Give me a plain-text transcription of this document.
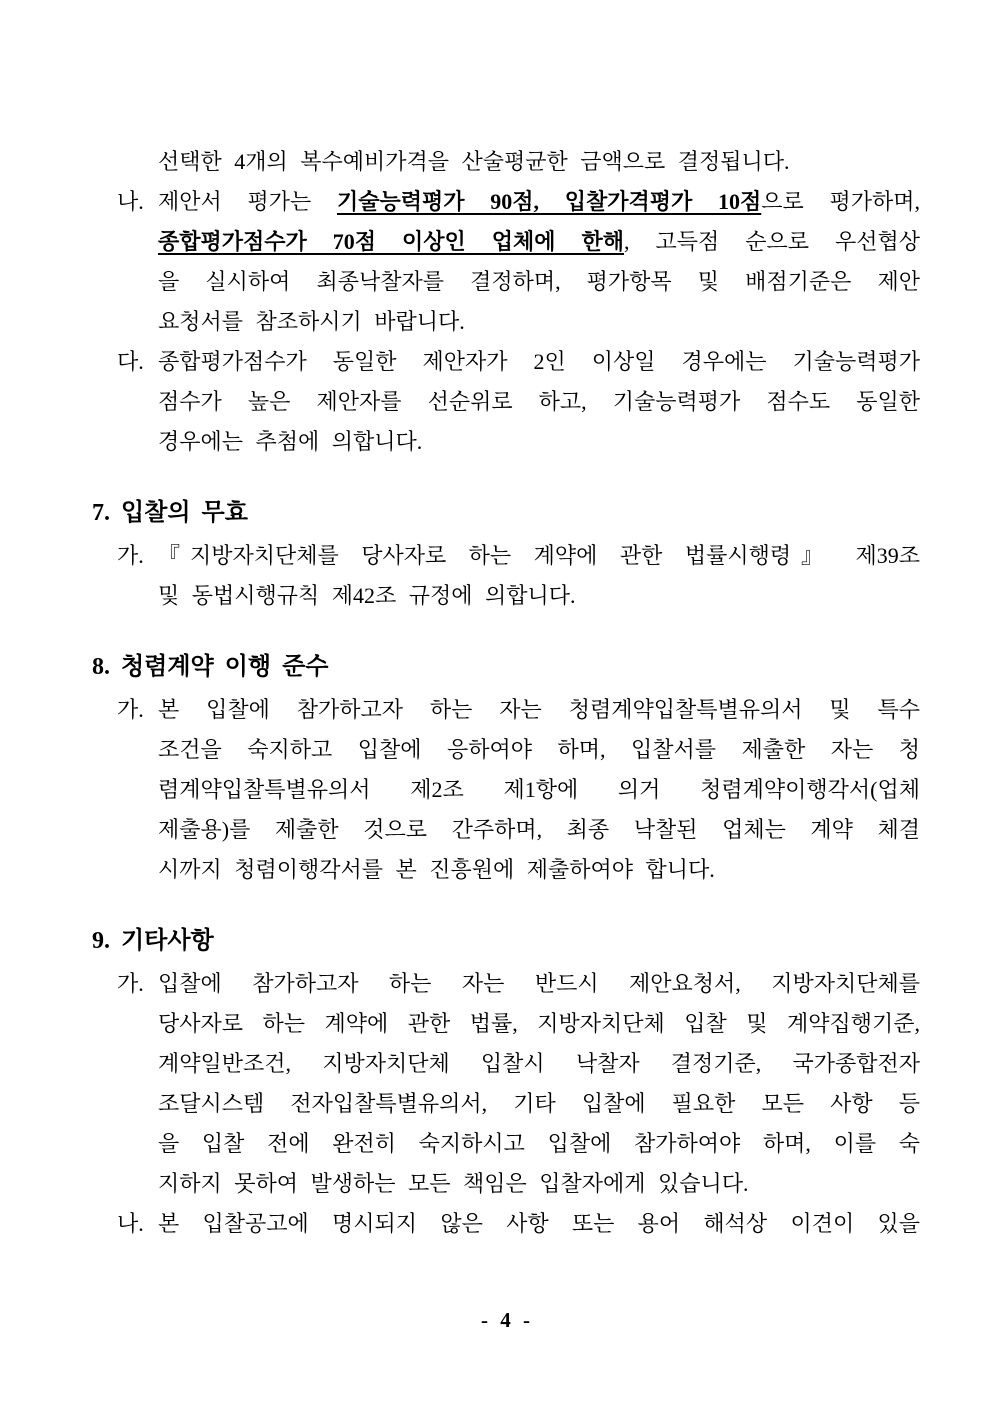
선택한 4개의 복수예비가격을 산술평균한 금액으로 결정됩니다.
나. 제안서 평가는 기술능력평가 90점, 입찰가격평가 10점으로 평가하며,
종합평가점수가 70점 이상인 업체에 한해, 고득점 순으로 우선협상
을 실시하여 최종낙찰자를 결정하며, 평가항목 및 배점기준은 제안
요청서를 참조하시기 바랍니다.
다. 종합평가점수가 동일한 제안자가 2인 이상일 경우에는 기술능력평가
점수가 높은 제안자를 선순위로 하고, 기술능력평가 점수도 동일한
경우에는 추첨에 의합니다.
7. 입찰의 무효
가. 『지방자치단체를 당사자로 하는 계약에 관한 법률시행령』 제39조
및 동법시행규칙 제42조 규정에 의합니다.
8. 청렴계약 이행 준수
가. 본 입찰에 참가하고자 하는 자는 청렴계약입찰특별유의서 및 특수
조건을 숙지하고 입찰에 응하여야 하며, 입찰서를 제출한 자는 청
렴계약입찰특별유의서 제2조 제1항에 의거 청렴계약이행각서(업체
제출용)를 제출한 것으로 간주하며, 최종 낙찰된 업체는 계약 체결
시까지 청렴이행각서를 본 진흥원에 제출하여야 합니다.
9. 기타사항
가. 입찰에 참가하고자 하는 자는 반드시 제안요청서, 지방자치단체를
당사자로 하는 계약에 관한 법률, 지방자치단체 입찰 및 계약집행기준,
계약일반조건, 지방자치단체 입찰시 낙찰자 결정기준, 국가종합전자
조달시스템 전자입찰특별유의서, 기타 입찰에 필요한 모든 사항 등
을 입찰 전에 완전히 숙지하시고 입찰에 참가하여야 하며, 이를 숙
지하지 못하여 발생하는 모든 책임은 입찰자에게 있습니다.
나. 본 입찰공고에 명시되지 않은 사항 또는 용어 해석상 이견이 있을
- 4 -
